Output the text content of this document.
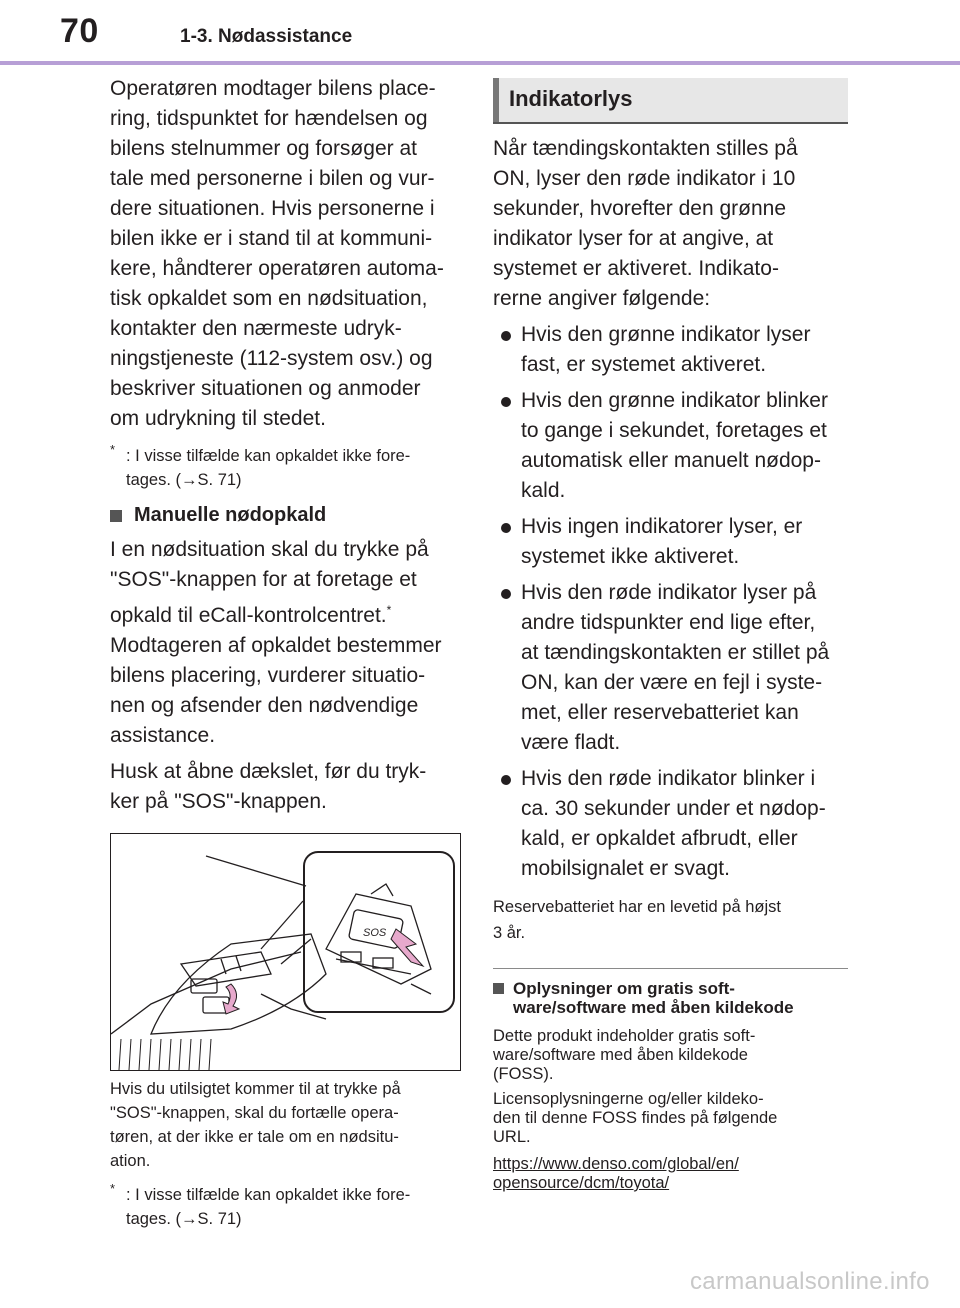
70	1-3. Nødassistance

Operatøren modtager bilens place-

ring, tidspunktet for hændelsen og

bilens stelnummer og forsøger at

tale med personerne i bilen og vur-

dere situationen. Hvis personerne i

bilen ikke er i stand til at kommuni-

kere, håndterer operatøren automa-

tisk opkaldet som en nødsituation,

kontakter den nærmeste udryk-

ningstjeneste (112-system osv.) og

beskriver situationen og anmoder

om udrykning til stedet.

* : I visse tilfælde kan opkaldet ikke fore-
tages. (→S. 71)

Manuelle nødopkald

I en nødsituation skal du trykke på

"SOS"-knappen for at foretage et

opkald til eCall-kontrolcentret.*

Modtageren af opkaldet bestemmer

bilens placering, vurderer situatio-

nen og afsender den nødvendige

assistance.

Husk at åbne dækslet, før du tryk-

ker på "SOS"-knappen.

SOS

Hvis du utilsigtet kommer til at trykke på

"SOS"-knappen, skal du fortælle opera-

tøren, at der ikke er tale om en nødsitu-

ation.

* : I visse tilfælde kan opkaldet ikke fore-
tages. (→S. 71)
Indikatorlys

Når tændingskontakten stilles på

ON, lyser den røde indikator i 10

sekunder, hvorefter den grønne

indikator lyser for at angive, at

systemet er aktiveret. Indikato-

rerne angiver følgende:

Hvis den grønne indikator lyser
fast, er systemet aktiveret.
Hvis den grønne indikator blinker
to gange i sekundet, foretages et
automatisk eller manuelt nødop-
kald.
Hvis ingen indikatorer lyser, er
systemet ikke aktiveret.
Hvis den røde indikator lyser på
andre tidspunkter end lige efter,
at tændingskontakten er stillet på
ON, kan der være en fejl i syste-
met, eller reservebatteriet kan
være fladt.
Hvis den røde indikator blinker i
ca. 30 sekunder under et nødop-
kald, er opkaldet afbrudt, eller
mobilsignalet er svagt.

Reservebatteriet har en levetid på højst

3 år.

Oplysninger om gratis soft-
ware/software med åben kildekode

Dette produkt indeholder gratis soft-

ware/software med åben kildekode

(FOSS).

Licensoplysningerne og/eller kildeko-

den til denne FOSS findes på følgende

URL.

https://www.denso.com/global/en/

opensource/dcm/toyota/

carmanualsonline.info
